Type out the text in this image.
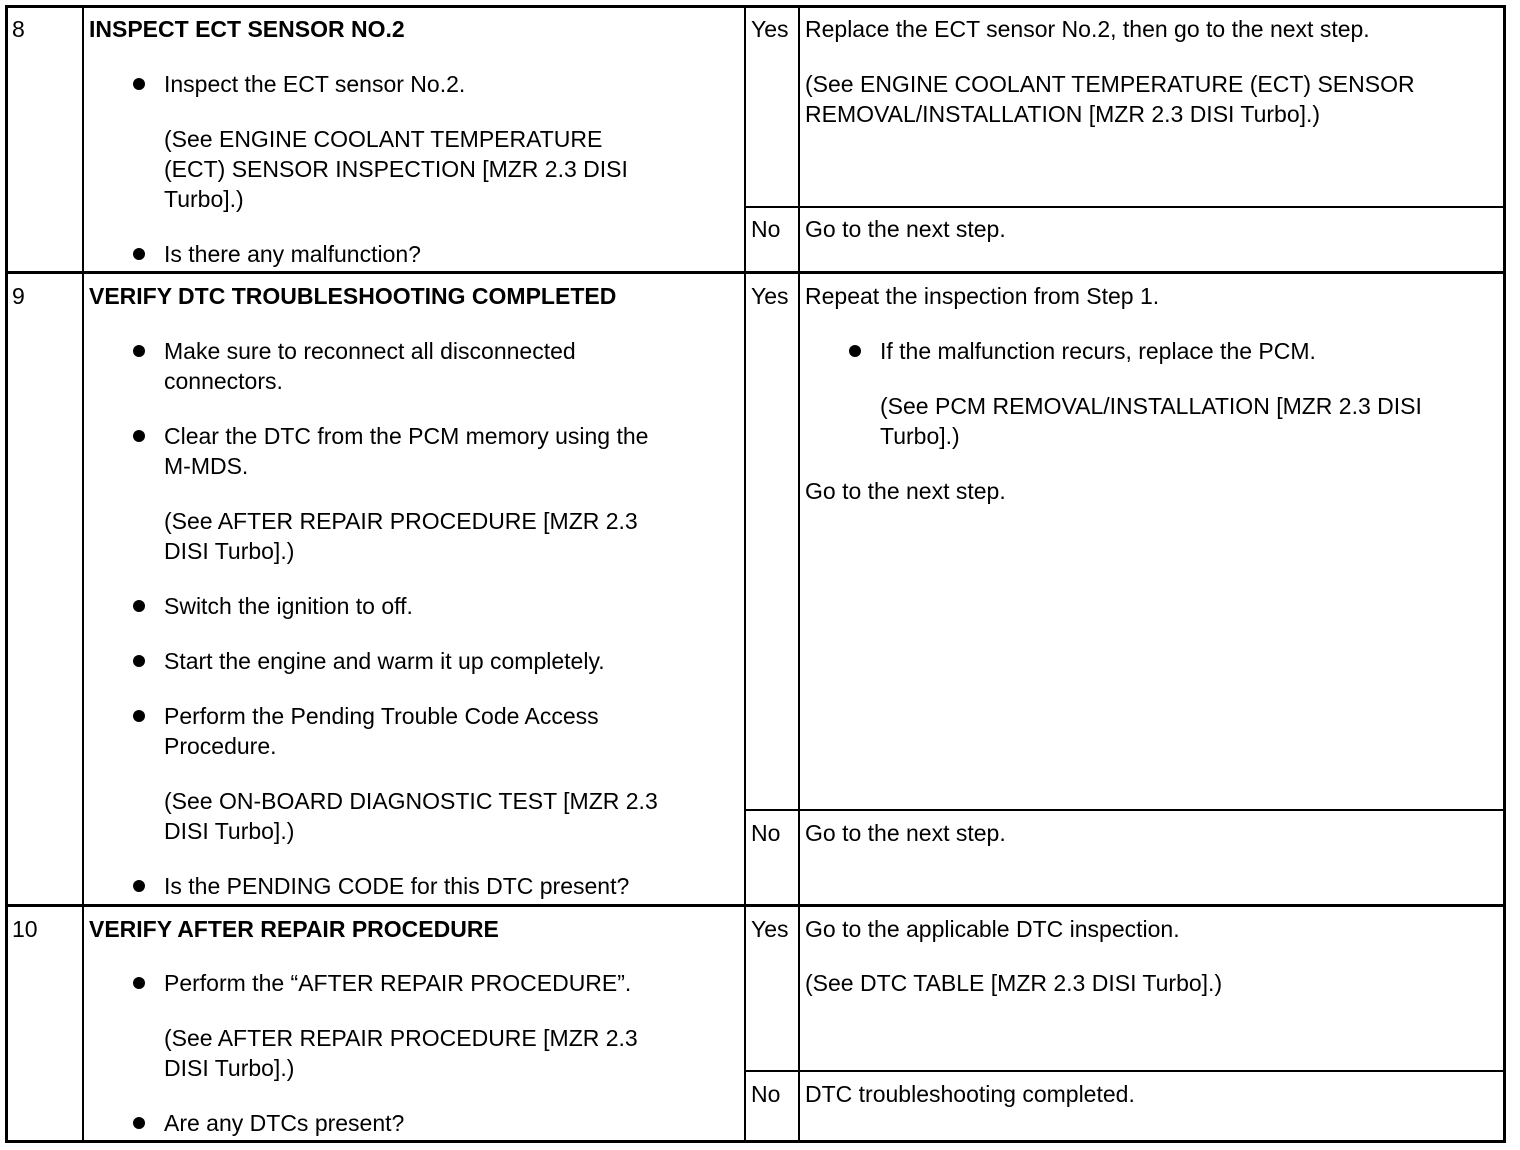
8	INSPECT ECT SENSOR NO.2
Inspect the ECT sensor No.2.
(See ENGINE COOLANT TEMPERATURE
(ECT) SENSOR INSPECTION [MZR 2.3 DISI
Turbo].)
Is there any malfunction?
Yes Replace the ECT sensor No.2, then go to the next step.
(See ENGINE COOLANT TEMPERATURE (ECT) SENSOR
REMOVAL/INSTALLATION [MZR 2.3 DISI Turbo].)
No Go to the next step.
9	VERIFY DTC TROUBLESHOOTING COMPLETED
Make sure to reconnect all disconnected
connectors.
Clear the DTC from the PCM memory using the
M-MDS.
(See AFTER REPAIR PROCEDURE [MZR 2.3
DISI Turbo].)
Switch the ignition to off.
Start the engine and warm it up completely.
Perform the Pending Trouble Code Access
Procedure.
(See ON-BOARD DIAGNOSTIC TEST [MZR 2.3
DISI Turbo].)
Is the PENDING CODE for this DTC present?
Yes Repeat the inspection from Step 1.
If the malfunction recurs, replace the PCM.
(See PCM REMOVAL/INSTALLATION [MZR 2.3 DISI
Turbo].)
Go to the next step.
No Go to the next step.
10 VERIFY AFTER REPAIR PROCEDURE
Perform the “AFTER REPAIR PROCEDURE”.
(See AFTER REPAIR PROCEDURE [MZR 2.3
DISI Turbo].)
Are any DTCs present?
Yes Go to the applicable DTC inspection.
(See DTC TABLE [MZR 2.3 DISI Turbo].)
No DTC troubleshooting completed.
